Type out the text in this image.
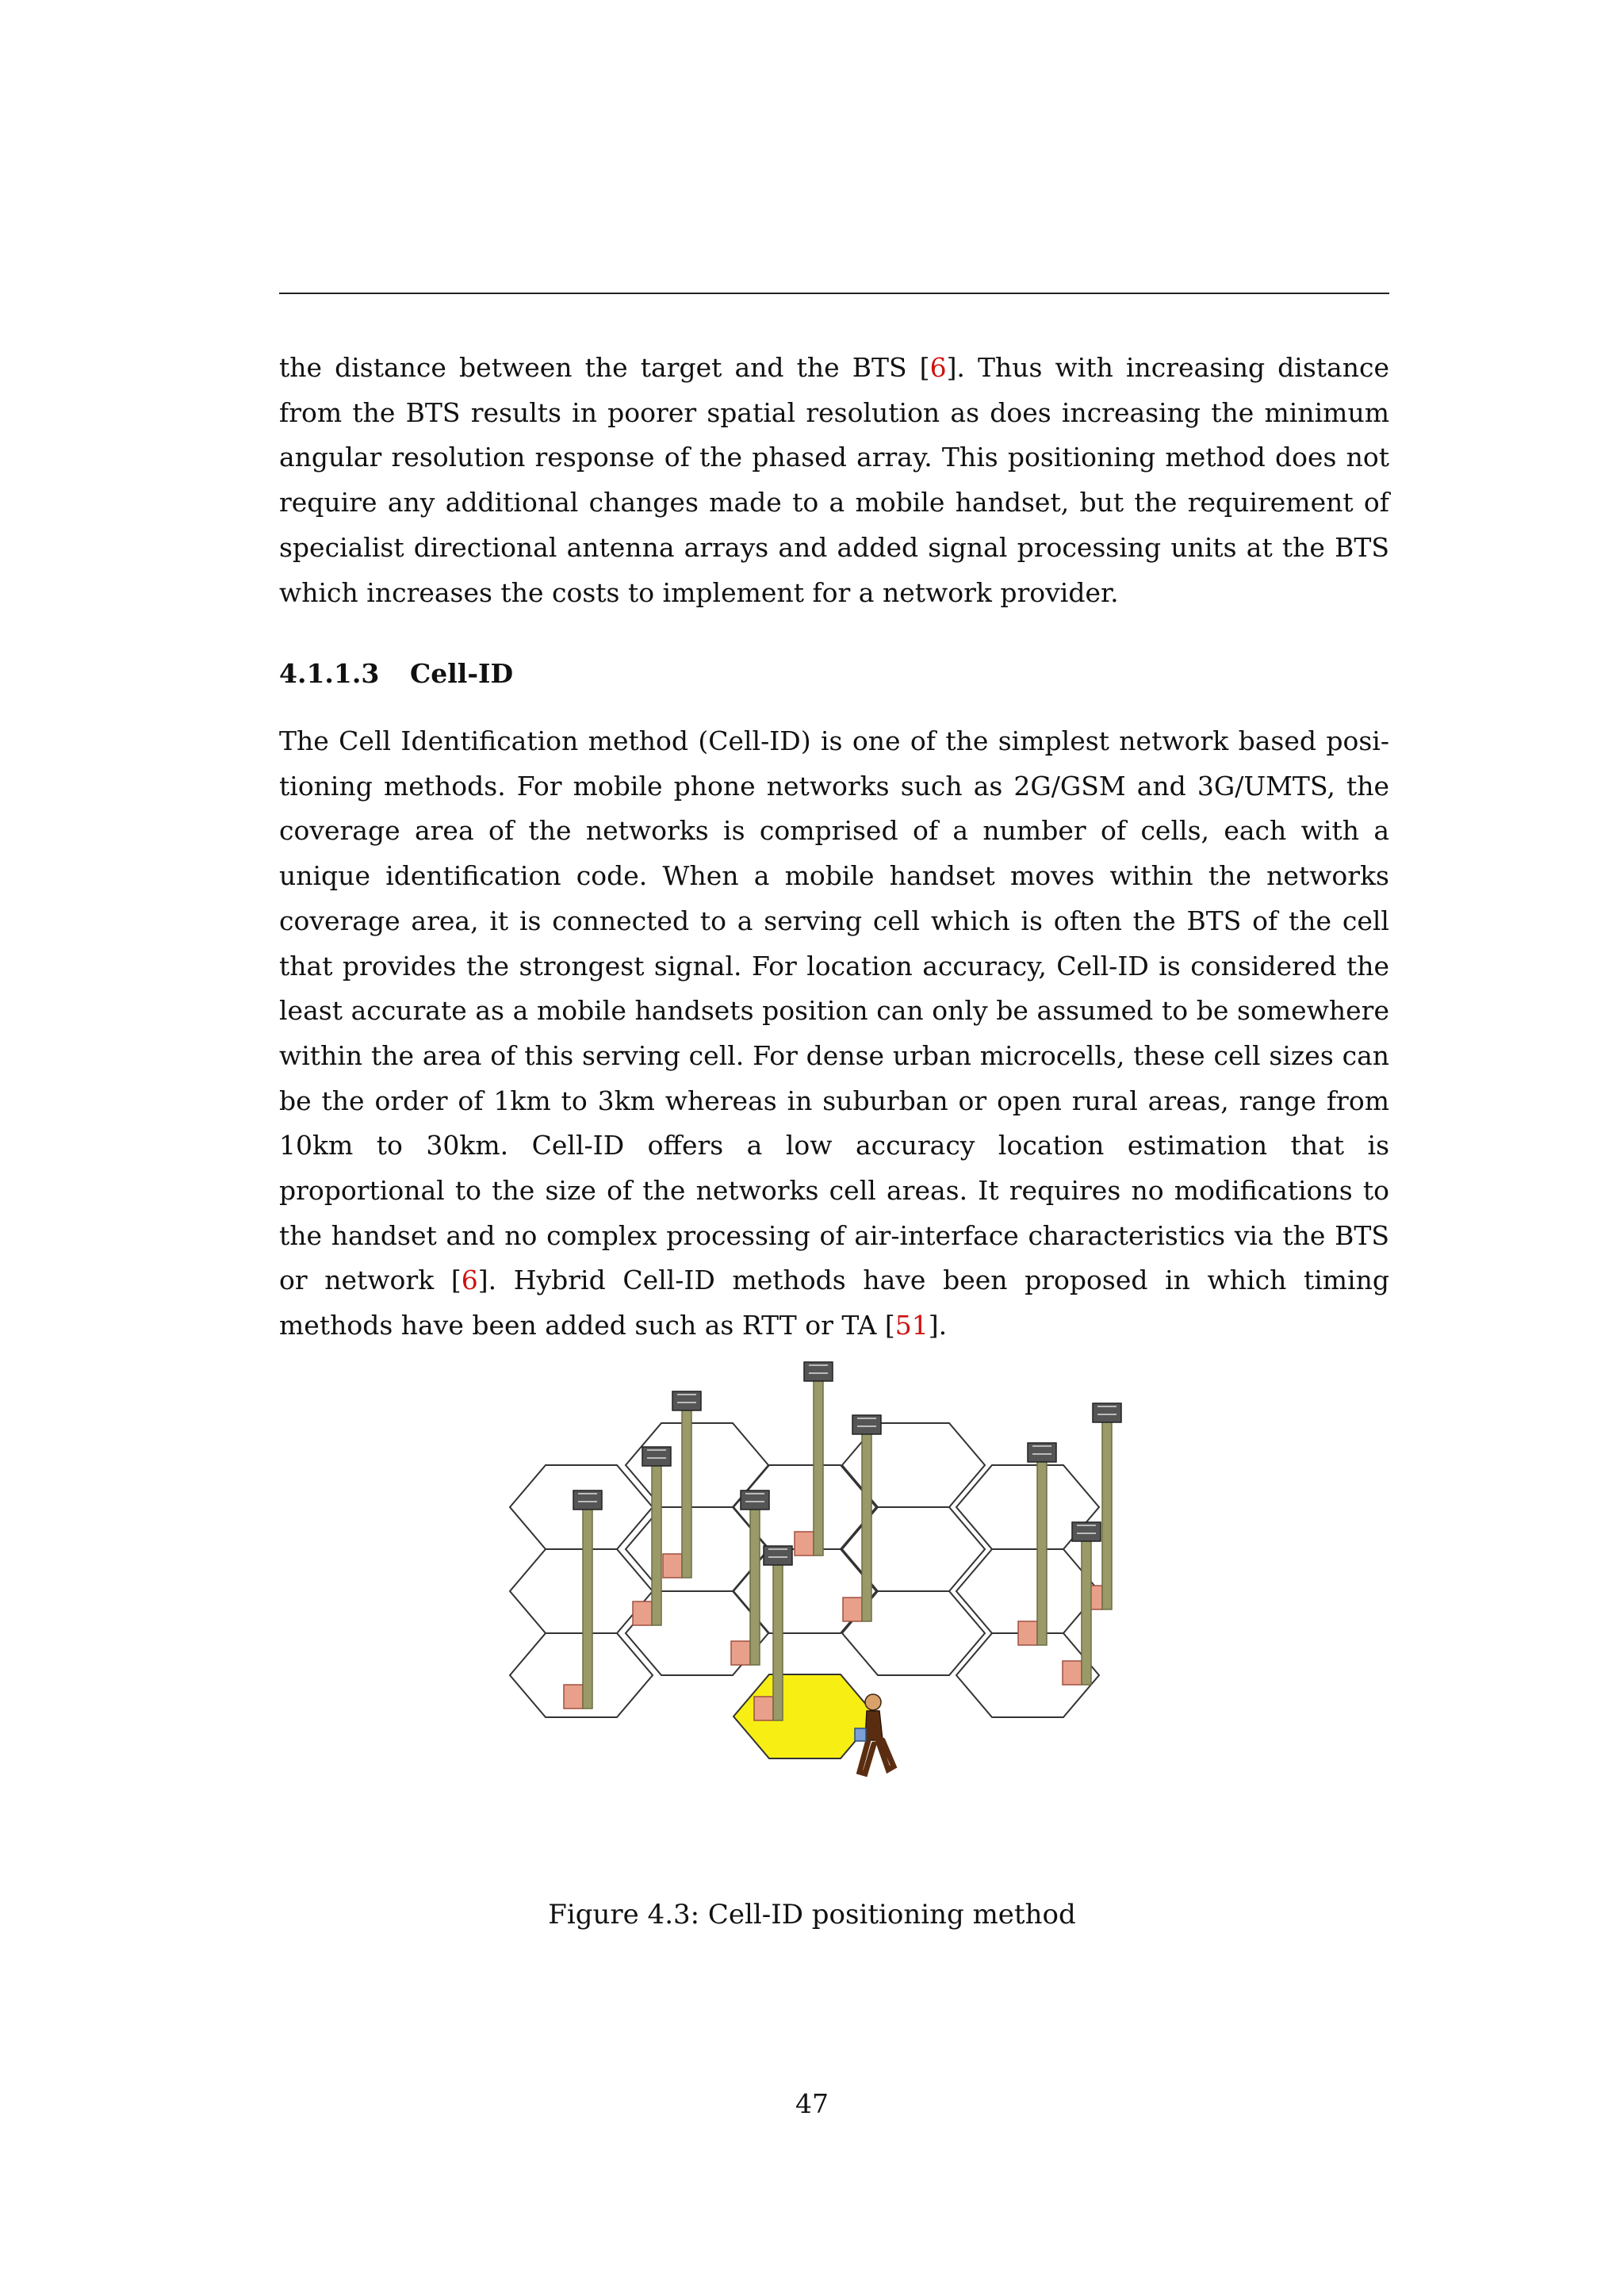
the distance between the target and the BTS [6]. Thus with increasing distance from the BTS results in poorer spatial resolution as does increasing the minimum angular resolution response of the phased array. This positioning method does not require any additional changes made to a mobile handset, but the requirement of specialist directional antenna arrays and added signal processing units at the BTS which increases the costs to implement for a network provider.

4.1.1.3 Cell-ID

The Cell Identification method (Cell-ID) is one of the simplest network based positioning methods. For mobile phone networks such as 2G/GSM and 3G/UMTS, the coverage area of the networks is comprised of a number of cells, each with a unique identification code. When a mobile handset moves within the networks coverage area, it is connected to a serving cell which is often the BTS of the cell that provides the strongest signal. For location accuracy, Cell-ID is considered the least accurate as a mobile handsets position can only be assumed to be somewhere within the area of this serving cell. For dense urban microcells, these cell sizes can be the order of 1km to 3km whereas in suburban or open rural areas, range from 10km to 30km. Cell-ID offers a low accuracy location estimation that is proportional to the size of the networks cell areas. It requires no modifications to the handset and no complex processing of air-interface characteristics via the BTS or network [6]. Hybrid Cell-ID methods have been proposed in which timing methods have been added such as RTT or TA [51].

Figure 4.3: Cell-ID positioning method
47
